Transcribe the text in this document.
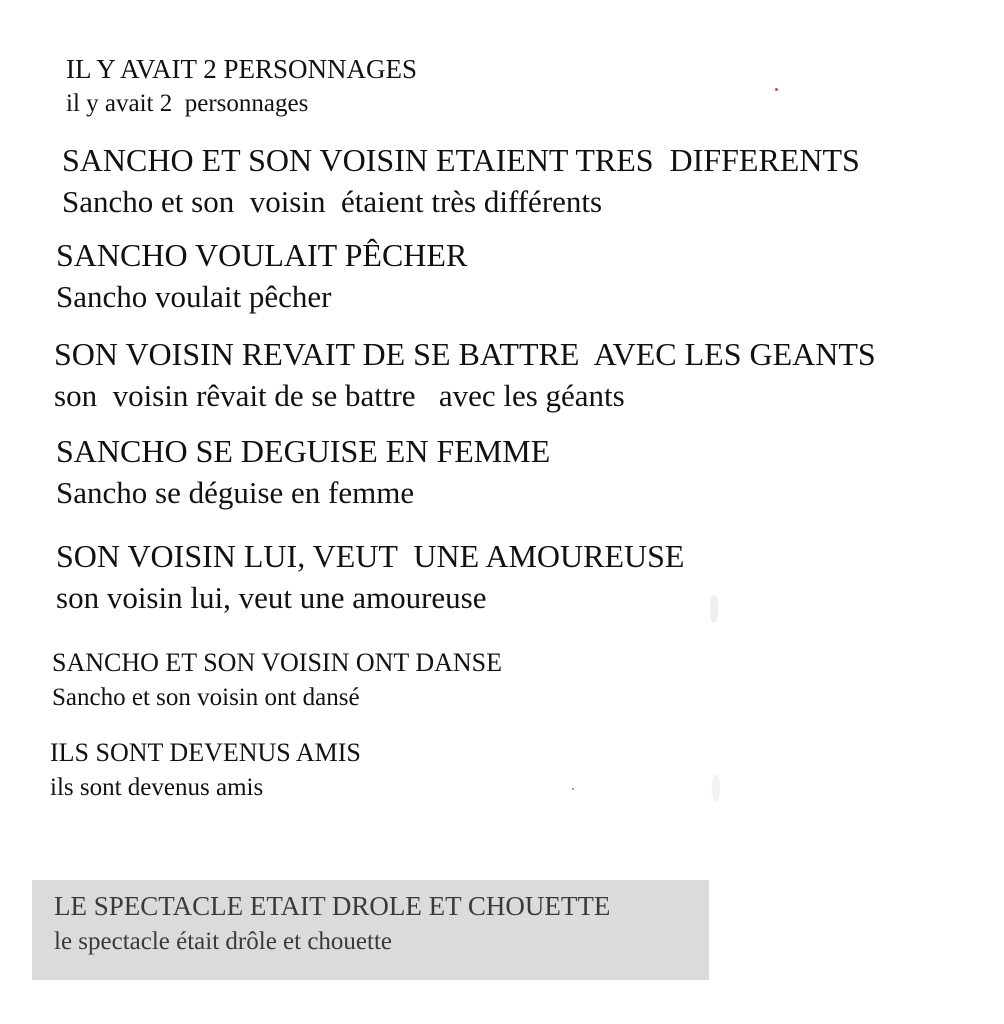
IL Y AVAIT 2 PERSONNAGES

il y avait 2  personnages

SANCHO ET SON VOISIN ETAIENT TRES  DIFFERENTS

Sancho et son  voisin  étaient très différents

SANCHO VOULAIT PÊCHER

Sancho voulait pêcher

SON VOISIN REVAIT DE SE BATTRE  AVEC LES GEANTS

son  voisin rêvait de se battre   avec les géants

SANCHO SE DEGUISE EN FEMME

Sancho se déguise en femme

SON VOISIN LUI, VEUT  UNE AMOUREUSE

son voisin lui, veut une amoureuse

SANCHO ET SON VOISIN ONT DANSE

Sancho et son voisin ont dansé

ILS SONT DEVENUS AMIS

ils sont devenus amis

LE SPECTACLE ETAIT DROLE ET CHOUETTE

le spectacle était drôle et chouette
